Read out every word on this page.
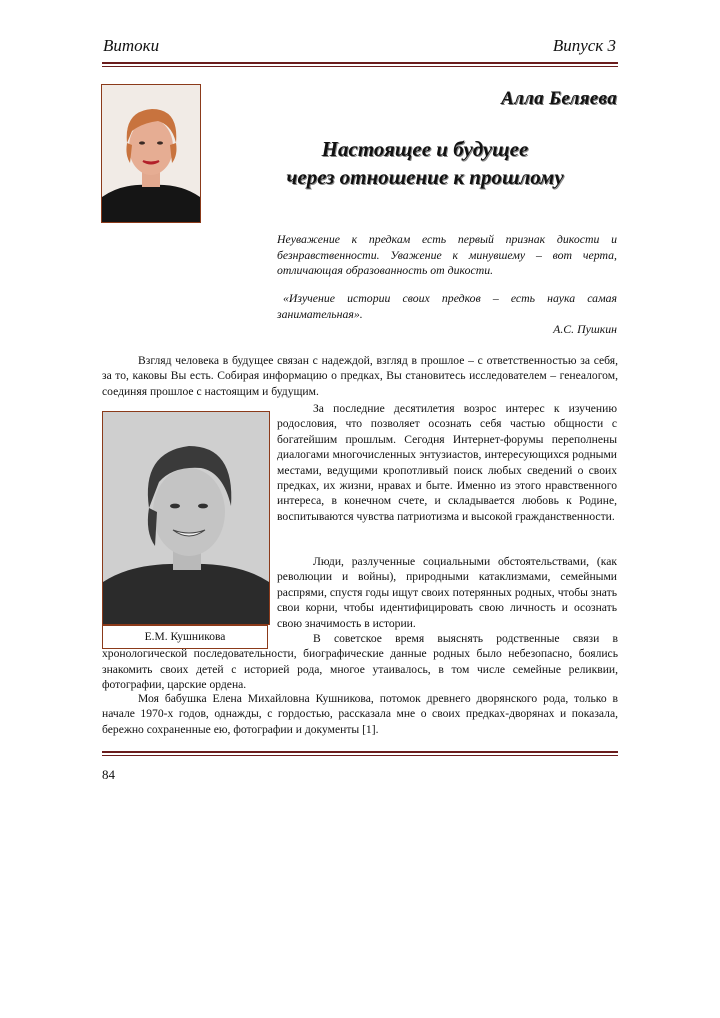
Витоки	Випуск 3
Алла Беляева
Настоящее и будущее
через отношение к прошлому
Неуважение к предкам есть первый признак дикости и безнравственности. Уважение к минувшему – вот черта, отличающая образованность от дикости.
«Изучение истории своих предков – есть наука самая занимательная».
А.С. Пушкин
Взгляд человека в будущее связан с надеждой, взгляд в прошлое – с ответственностью за себя, за то, каковы Вы есть. Собирая информацию о предках, Вы становитесь исследователем – генеалогом, соединяя прошлое с настоящим и будущим.
Е.М. Кушникова
За последние десятилетия возрос интерес к изучению родословия, что позволяет осознать себя частью общности с богатейшим прошлым. Сегодня Интернет-форумы переполнены диалогами многочисленных энтузиастов, интересующихся родными местами, ведущими кропотливый поиск любых сведений о своих предках, их жизни, нравах и быте. Именно из этого нравственного интереса, в конечном счете, и складывается любовь к Родине, воспитываются чувства патриотизма и высокой гражданственности.
Люди, разлученные социальными обстоятельствами, (как революции и войны), природными катаклизмами, семейными распрями, спустя годы ищут своих потерянных родных, чтобы знать свои корни, чтобы идентифицировать свою личность и осознать свою значимость в истории.
В советское время выяснять родственные связи в хронологической последовательности, биографические данные родных было небезопасно, боялись знакомить своих детей с историей рода, многое утаивалось, в том числе семейные реликвии, фотографии, царские ордена.
Моя бабушка Елена Михайловна Кушникова, потомок древнего дворянского рода, только в начале 1970-х годов, однажды, с гордостью, рассказала мне о своих предках-дворянах и показала, бережно сохраненные ею, фотографии и документы [1].
84
